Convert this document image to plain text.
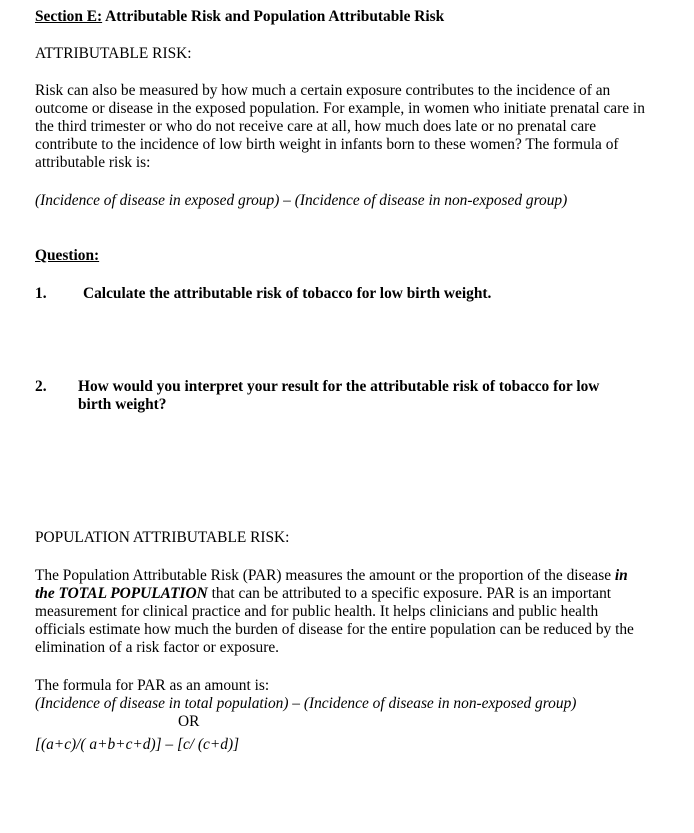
Section E: Attributable Risk and Population Attributable Risk
ATTRIBUTABLE RISK:

Risk can also be measured by how much a certain exposure contributes to the incidence of an outcome or disease in the exposed population. For example, in women who initiate prenatal care in the third trimester or who do not receive care at all, how much does late or no prenatal care contribute to the incidence of low birth weight in infants born to these women? The formula of attributable risk is:

(Incidence of disease in exposed group) – (Incidence of disease in non-exposed group)
Question:
1. Calculate the attributable risk of tobacco for low birth weight.
2. How would you interpret your result for the attributable risk of tobacco for low birth weight?
POPULATION ATTRIBUTABLE RISK:

The Population Attributable Risk (PAR) measures the amount or the proportion of the disease in the TOTAL POPULATION that can be attributed to a specific exposure. PAR is an important measurement for clinical practice and for public health. It helps clinicians and public health officials estimate how much the burden of disease for the entire population can be reduced by the elimination of a risk factor or exposure.

The formula for PAR as an amount is:
(Incidence of disease in total population) – (Incidence of disease in non-exposed group)
OR
[(a+c)/( a+b+c+d)] – [c/ (c+d)]
